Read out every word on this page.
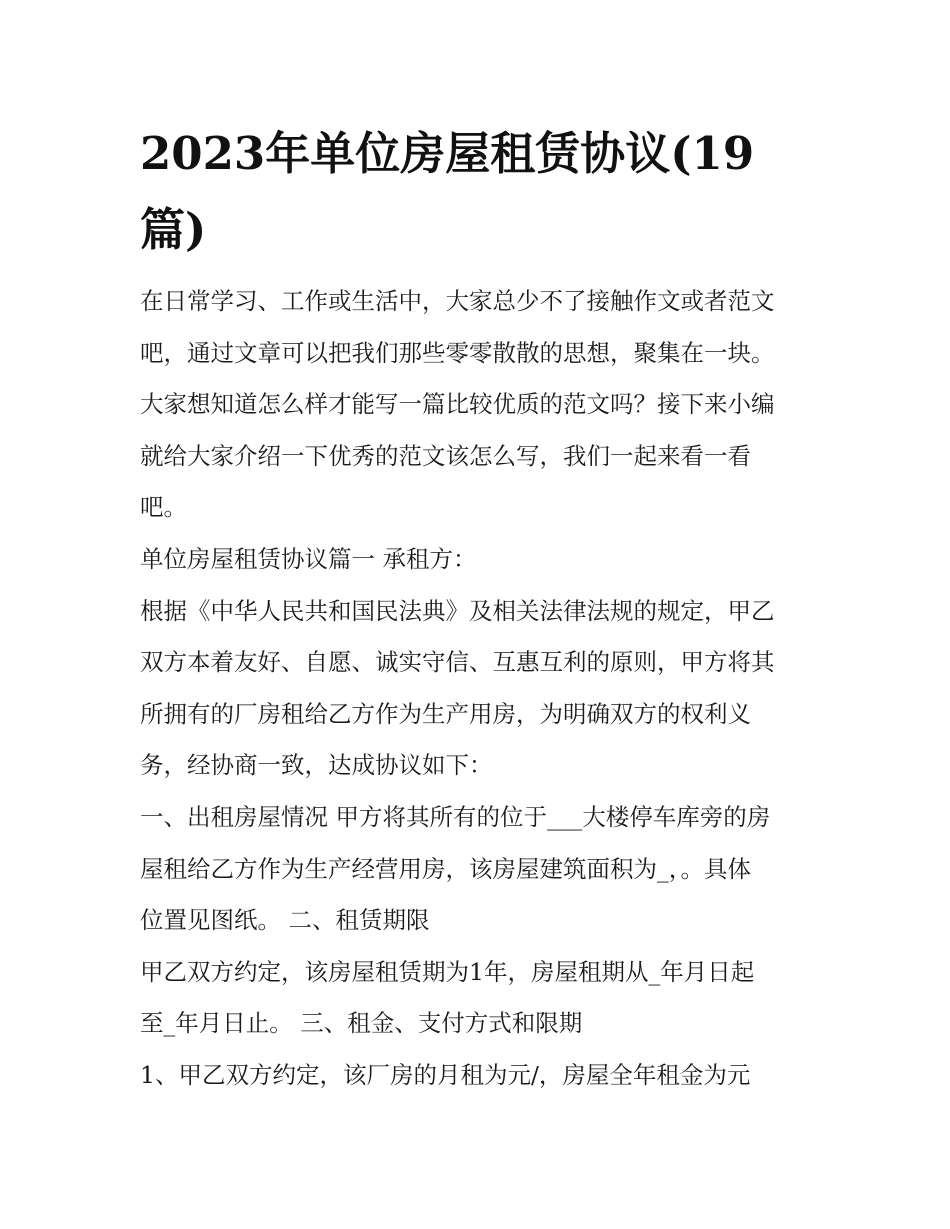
2023年单位房屋租赁协议(19
篇)
在日常学习、工作或生活中，大家总少不了接触作文或者范文
吧，通过文章可以把我们那些零零散散的思想，聚集在一块。
大家想知道怎么样才能写一篇比较优质的范文吗？接下来小编
就给大家介绍一下优秀的范文该怎么写，我们一起来看一看
吧。
单位房屋租赁协议篇一 承租方：
根据《中华人民共和国民法典》及相关法律法规的规定，甲乙
双方本着友好、自愿、诚实守信、互惠互利的原则，甲方将其
所拥有的厂房租给乙方作为生产用房，为明确双方的权利义
务，经协商一致，达成协议如下：
一、出租房屋情况 甲方将其所有的位于___大楼停车库旁的房
屋租给乙方作为生产经营用房，该房屋建筑面积为_，。具体
位置见图纸。 二、租赁期限
甲乙双方约定，该房屋租赁期为1年，房屋租期从_年月日起
至_年月日止。 三、租金、支付方式和限期
1、甲乙双方约定，该厂房的月租为元/，房屋全年租金为元
